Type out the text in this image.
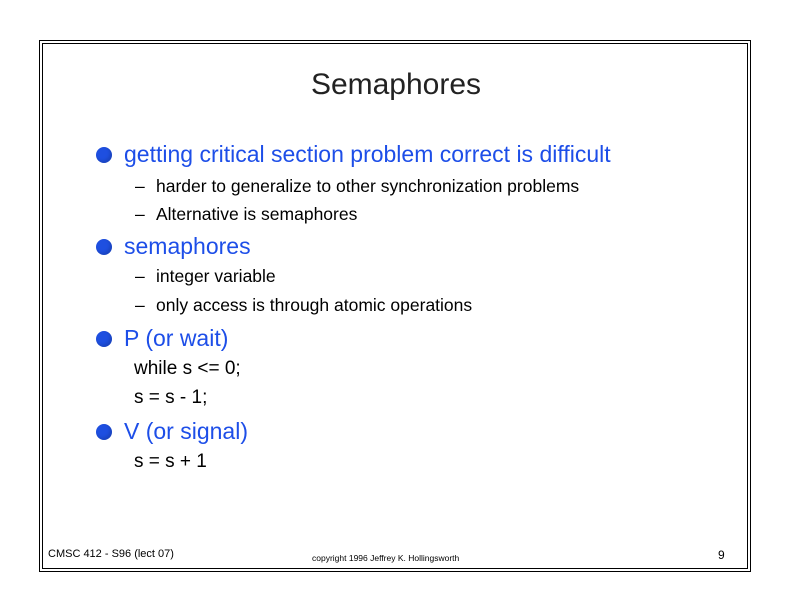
Semaphores
getting critical section problem correct is difficult
– harder to generalize to other synchronization problems
– Alternative is semaphores
semaphores
– integer variable
– only access is through atomic operations
P (or wait)
while s <= 0;
s = s - 1;
V (or signal)
s = s + 1
CMSC 412 - S96 (lect 07)	copyright 1996 Jeffrey K. Hollingsworth	9
